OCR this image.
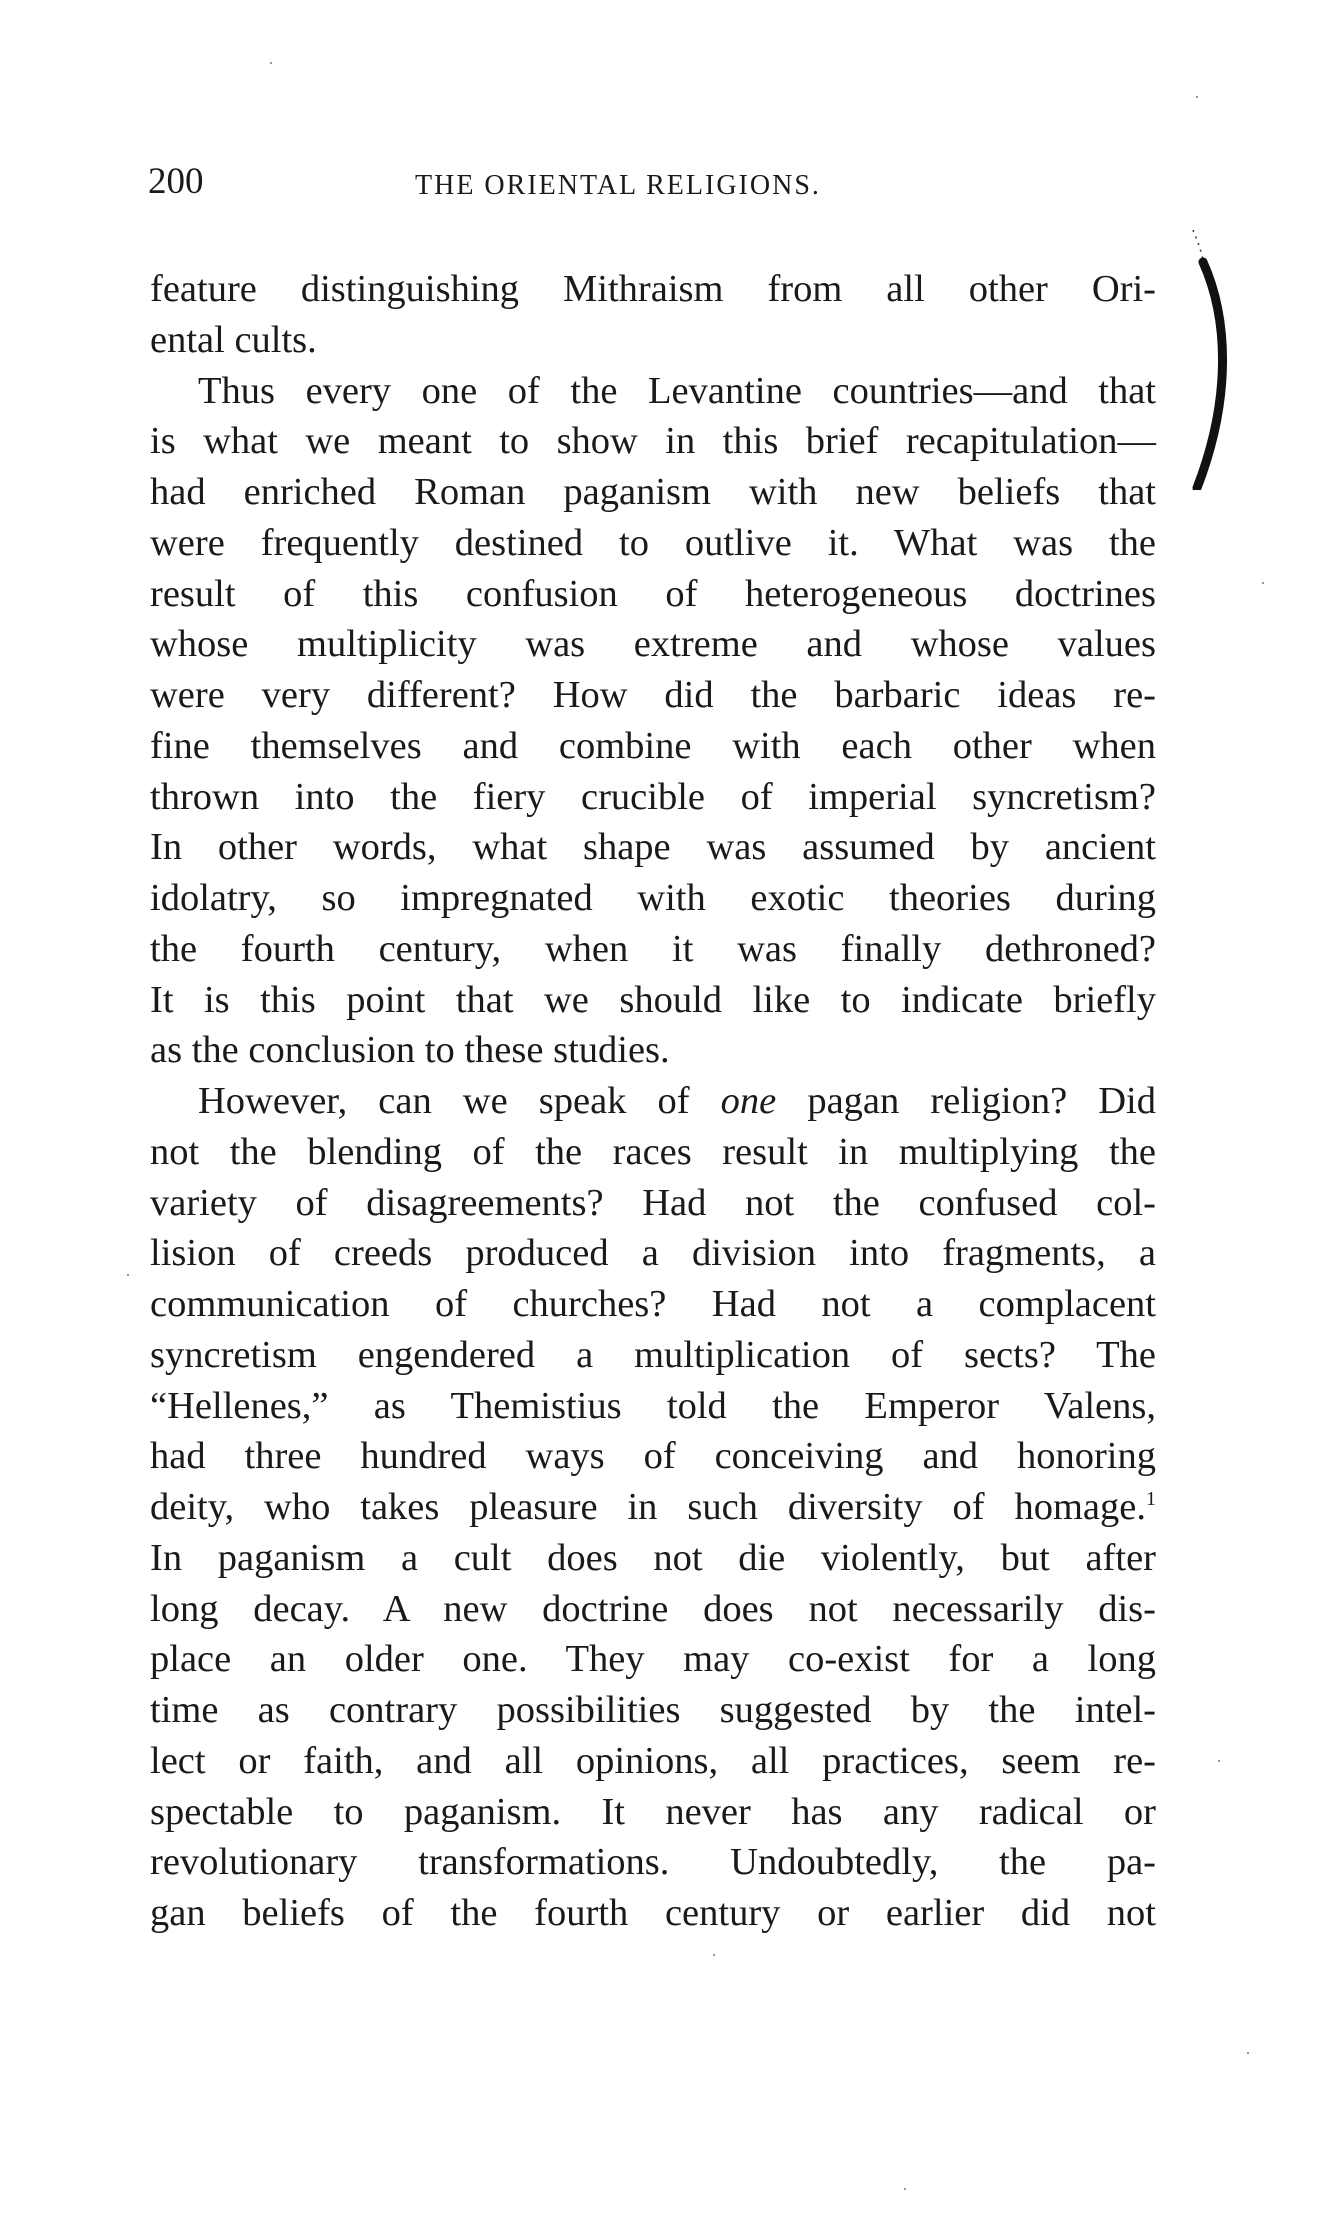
200	THE ORIENTAL RELIGIONS.
feature distinguishing Mithraism from all other Ori-
ental cults.
Thus every one of the Levantine countries—and that
is what we meant to show in this brief recapitulation—
had enriched Roman paganism with new beliefs that
were frequently destined to outlive it. What was the
result of this confusion of heterogeneous doctrines
whose multiplicity was extreme and whose values
were very different? How did the barbaric ideas re-
fine themselves and combine with each other when
thrown into the fiery crucible of imperial syncretism?
In other words, what shape was assumed by ancient
idolatry, so impregnated with exotic theories during
the fourth century, when it was finally dethroned?
It is this point that we should like to indicate briefly
as the conclusion to these studies.
However, can we speak of one pagan religion? Did
not the blending of the races result in multiplying the
variety of disagreements? Had not the confused col-
lision of creeds produced a division into fragments, a
communication of churches? Had not a complacent
syncretism engendered a multiplication of sects? The
“Hellenes,” as Themistius told the Emperor Valens,
had three hundred ways of conceiving and honoring
deity, who takes pleasure in such diversity of homage.$^1$
In paganism a cult does not die violently, but after
long decay. A new doctrine does not necessarily dis-
place an older one. They may co-exist for a long
time as contrary possibilities suggested by the intel-
lect or faith, and all opinions, all practices, seem re-
spectable to paganism. It never has any radical or
revolutionary transformations. Undoubtedly, the pa-
gan beliefs of the fourth century or earlier did not
